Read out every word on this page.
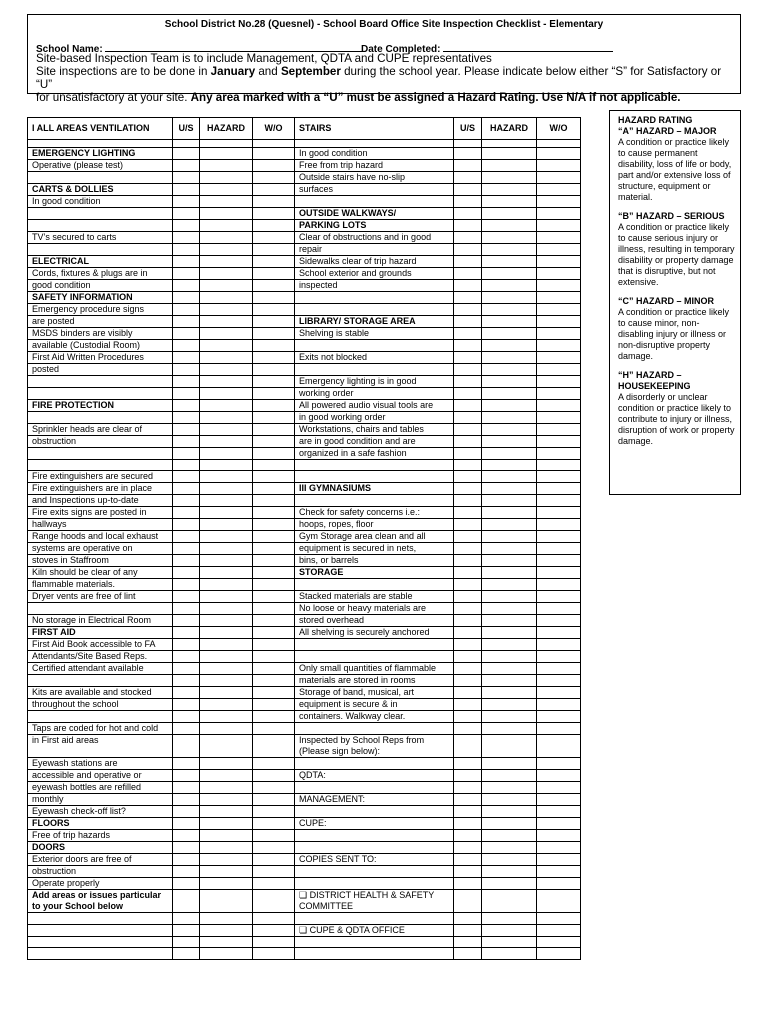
School District No.28 (Quesnel) - School Board Office Site Inspection Checklist - Elementary
School Name:	Date Completed:
Site-based Inspection Team is to include Management, QDTA and CUPE representatives
Site inspections are to be done in January and September during the school year. Please indicate below either “S” for Satisfactory or “U”
for unsatisfactory at your site. Any area marked with a “U” must be assigned a Hazard Rating. Use N/A if not applicable.
I ALL AREAS VENTILATION	U/S	HAZARD	W/O	STAIRS	U/S	HAZARD	W/O

EMERGENCY LIGHTING				In good condition			
Operative (please test)				Free from trip hazard			
				Outside stairs have no-slip			
CARTS & DOLLIES				surfaces			
In good condition							
				OUTSIDE WALKWAYS/			
				PARKING LOTS			
TV’s secured to carts				Clear of obstructions and in good			
				repair			
ELECTRICAL				Sidewalks clear of trip hazard			
Cords, fixtures & plugs are in				School exterior and grounds			
good condition				inspected			
SAFETY INFORMATION							
Emergency procedure signs							
are posted				LIBRARY/ STORAGE AREA			
MSDS binders are visibly				Shelving is stable			
available (Custodial Room)							
First Aid Written Procedures				Exits not blocked			
posted							
				Emergency lighting is in good			
				working order			
FIRE PROTECTION				All powered audio visual tools are			
				in good working order			
Sprinkler heads are clear of				Workstations, chairs and tables			
obstruction				are in good condition and are			
				organized in a safe fashion			

Fire extinguishers are secured							
Fire extinguishers are in place				III GYMNASIUMS			
and Inspections up-to-date							
Fire exits signs are posted in				Check for safety concerns i.e.:			
hallways				hoops, ropes, floor			
Range hoods and local exhaust				Gym Storage area clean and all			
systems are operative on				equipment is secured in nets,			
stoves in Staffroom				bins, or barrels			
Kiln should be clear of any				STORAGE			
flammable materials.							
Dryer vents are free of lint				Stacked materials are stable			
				No loose or heavy materials are			
No storage in Electrical Room				stored overhead			
FIRST AID				All shelving is securely anchored			
First Aid Book accessible to FA							
Attendants/Site Based Reps.							
Certified attendant available				Only small quantities of flammable			
				materials are stored in rooms			
Kits are available and stocked				Storage of band, musical, art			
throughout the school				equipment is secure & in			
				containers. Walkway clear.			
Taps are coded for hot and cold							
in First aid areas				Inspected by School Reps from (Please sign below):			
Eyewash stations are							
accessible and operative or				QDTA:			
eyewash bottles are refilled							
monthly				MANAGEMENT:			
Eyewash check-off list?							
FLOORS				CUPE:			
Free of trip hazards							
DOORS							
Exterior doors are free of				COPIES SENT TO:			
obstruction							
Operate properly							
Add areas or issues particular to your School below				❏ DISTRICT HEALTH & SAFETY COMMITTEE			

				❏ CUPE & QDTA OFFICE			

HAZARD RATING
“A” HAZARD – MAJOR
A condition or practice likely to cause permanent disability, loss of life or body, part and/or extensive loss of structure, equipment or material.
“B” HAZARD – SERIOUS
A condition or practice likely to cause serious injury or illness, resulting in temporary disability or property damage that is disruptive, but not extensive.
“C” HAZARD – MINOR
A condition or practice likely to cause minor, non-disabling injury or illness or non-disruptive property damage.
“H” HAZARD –
HOUSEKEEPING
A disorderly or unclear condition or practice likely to contribute to injury or illness, disruption of work or property damage.
